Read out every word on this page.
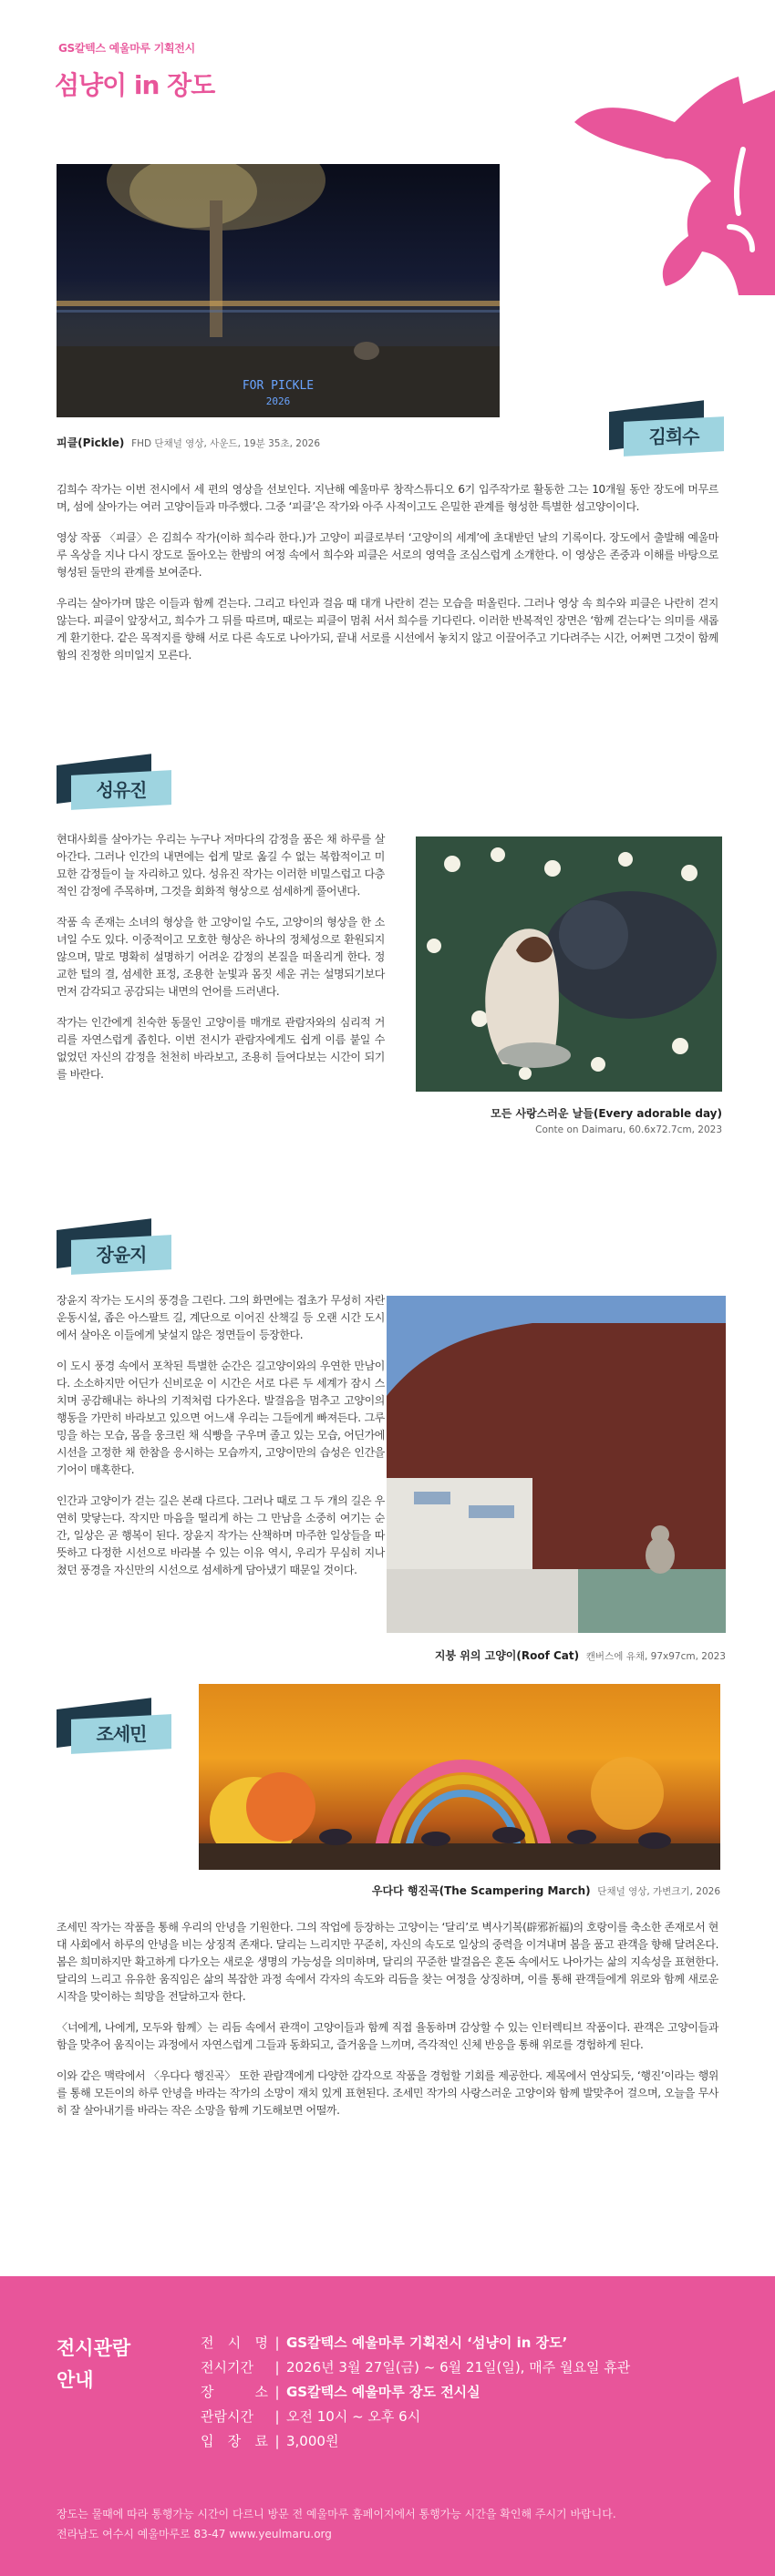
GS칼텍스 예울마루 기획전시
섬냥이 in 장도
FOR PICKLE
2026
피클(Pickle) FHD 단채널 영상, 사운드, 19분 35초, 2026	김희수

김희수 작가는 이번 전시에서 세 편의 영상을 선보인다. 지난해 예울마루 창작스튜디오 6기 입주작가로 활동한 그는 10개월 동안 장도에 머무르며, 섬에 살아가는 여러 고양이들과 마주했다. 그중 ‘피클’은 작가와 아주 사적이고도 은밀한 관계를 형성한 특별한 섬고양이이다.

영상 작품 〈피클〉은 김희수 작가(이하 희수라 한다.)가 고양이 피클로부터 ‘고양이의 세계’에 초대받던 날의 기록이다. 장도에서 출발해 예울마루 옥상을 지나 다시 장도로 돌아오는 한밤의 여정 속에서 희수와 피클은 서로의 영역을 조심스럽게 소개한다. 이 영상은 존중과 이해를 바탕으로 형성된 둘만의 관계를 보여준다.

우리는 살아가며 많은 이들과 함께 걷는다. 그리고 타인과 걸음 때 대개 나란히 걷는 모습을 떠올린다. 그러나 영상 속 희수와 피클은 나란히 걷지 않는다. 피클이 앞장서고, 희수가 그 뒤를 따르며, 때로는 피클이 멈춰 서서 희수를 기다린다. 이러한 반복적인 장면은 ‘함께 걷는다’는 의미를 새롭게 환기한다. 같은 목적지를 향해 서로 다른 속도로 나아가되, 끝내 서로를 시선에서 놓치지 않고 이끌어주고 기다려주는 시간, 어쩌면 그것이 함께함의 진정한 의미일지 모른다.

성유진

현대사회를 살아가는 우리는 누구나 저마다의 감정을 품은 채 하루를 살아간다. 그러나 인간의 내면에는 쉽게 말로 옮길 수 없는 복합적이고 미묘한 감정들이 늘 자리하고 있다. 성유진 작가는 이러한 비밀스럽고 다층적인 감정에 주목하며, 그것을 회화적 형상으로 섬세하게 풀어낸다.

작품 속 존재는 소녀의 형상을 한 고양이일 수도, 고양이의 형상을 한 소녀일 수도 있다. 이중적이고 모호한 형상은 하나의 정체성으로 환원되지 않으며, 말로 명확히 설명하기 어려운 감정의 본질을 떠올리게 한다. 정교한 털의 결, 섬세한 표정, 조용한 눈빛과 몸짓 세운 귀는 설명되기보다 먼저 감각되고 공감되는 내면의 언어를 드러낸다.

작가는 인간에게 친숙한 동물인 고양이를 매개로 관람자와의 심리적 거리를 자연스럽게 좁힌다. 이번 전시가 관람자에게도 쉽게 이름 붙일 수 없었던 자신의 감정을 천천히 바라보고, 조용히 들여다보는 시간이 되기를 바란다.

모든 사랑스러운 날들(Every adorable day)
Conte on Daimaru, 60.6x72.7cm, 2023
장윤지

장윤지 작가는 도시의 풍경을 그린다. 그의 화면에는 접초가 무성히 자란 운동시설, 좁은 아스팔트 길, 계단으로 이어진 산책길 등 오랜 시간 도시에서 살아온 이들에게 낯설지 않은 정면들이 등장한다.

이 도시 풍경 속에서 포착된 특별한 순간은 길고양이와의 우연한 만남이다. 소소하지만 어딘가 신비로운 이 시간은 서로 다른 두 세계가 잠시 스치며 공감해내는 하나의 기적처럼 다가온다. 발걸음을 멈추고 고양이의 행동을 가만히 바라보고 있으면 어느새 우리는 그들에게 빠져든다. 그루밍을 하는 모습, 몸을 웅크린 채 식빵을 구우며 졸고 있는 모습, 어딘가에 시선을 고정한 채 한참을 응시하는 모습까지, 고양이만의 습성은 인간을 기어이 매혹한다.

인간과 고양이가 걷는 길은 본래 다르다. 그러나 때로 그 두 개의 길은 우연히 맞닿는다. 작지만 마음을 떨리게 하는 그 만남을 소중히 여기는 순간, 일상은 곧 행복이 된다. 장윤지 작가는 산책하며 마주한 일상들을 따뜻하고 다정한 시선으로 바라볼 수 있는 이유 역시, 우리가 무심히 지나쳤던 풍경을 자신만의 시선으로 섬세하게 담아냈기 때문일 것이다.

지붕 위의 고양이(Roof Cat) 캔버스에 유채, 97x97cm, 2023
조세민
우다다 행진곡(The Scampering March) 단채널 영상, 가변크기, 2026

조세민 작가는 작품을 통해 우리의 안녕을 기원한다. 그의 작업에 등장하는 고양이는 ‘달리’로 벽사기복(辟邪祈福)의 호랑이를 축소한 존재로서 현대 사회에서 하루의 안녕을 비는 상징적 존재다. 달리는 느리지만 꾸준히, 자신의 속도로 일상의 중력을 이겨내며 봄을 품고 관객을 향해 달려온다. 봄은 희미하지만 확고하게 다가오는 새로운 생명의 가능성을 의미하며, 달리의 꾸준한 발걸음은 혼돈 속에서도 나아가는 삶의 지속성을 표현한다. 달리의 느리고 유유한 움직임은 삶의 복잡한 과정 속에서 각자의 속도와 리듬을 찾는 여정을 상징하며, 이를 통해 관객들에게 위로와 함께 새로운 시작을 맞이하는 희망을 전달하고자 한다.

〈너에게, 나에게, 모두와 함께〉는 리듬 속에서 관객이 고양이들과 함께 직접 율동하며 감상할 수 있는 인터렉티브 작품이다. 관객은 고양이들과 함을 맞추어 움직이는 과정에서 자연스럽게 그들과 동화되고, 즐거움을 느끼며, 즉각적인 신체 반응을 통해 위로를 경험하게 된다.

이와 같은 맥락에서 〈우다다 행진곡〉 또한 관람객에게 다양한 감각으로 작품을 경험할 기회를 제공한다. 제목에서 연상되듯, ‘행진’이라는 행위를 통해 모든이의 하루 안녕을 바라는 작가의 소망이 재치 있게 표현된다. 조세민 작가의 사랑스러운 고양이와 함께 발맞추어 걸으며, 오늘을 무사히 잘 살아내기를 바라는 작은 소망을 함께 기도해보면 어떨까.

전시관람
안내
전 시 명 | GS칼텍스 예울마루 기획전시 ‘섬냥이 in 장도’
전시기간	| 2026년 3월 27일(금) ~ 6월 21일(일), 매주 월요일 휴관
장 소 | GS칼텍스 예울마루 장도 전시실
관람시간	| 오전 10시 ~ 오후 6시
입 장 료 | 3,000원
장도는 물때에 따라 통행가능 시간이 다르니 방문 전 예울마루 홈페이지에서 통행가능 시간을 확인해 주시기 바랍니다.
전라남도 여수시 예울마루로 83-47 www.yeulmaru.org
